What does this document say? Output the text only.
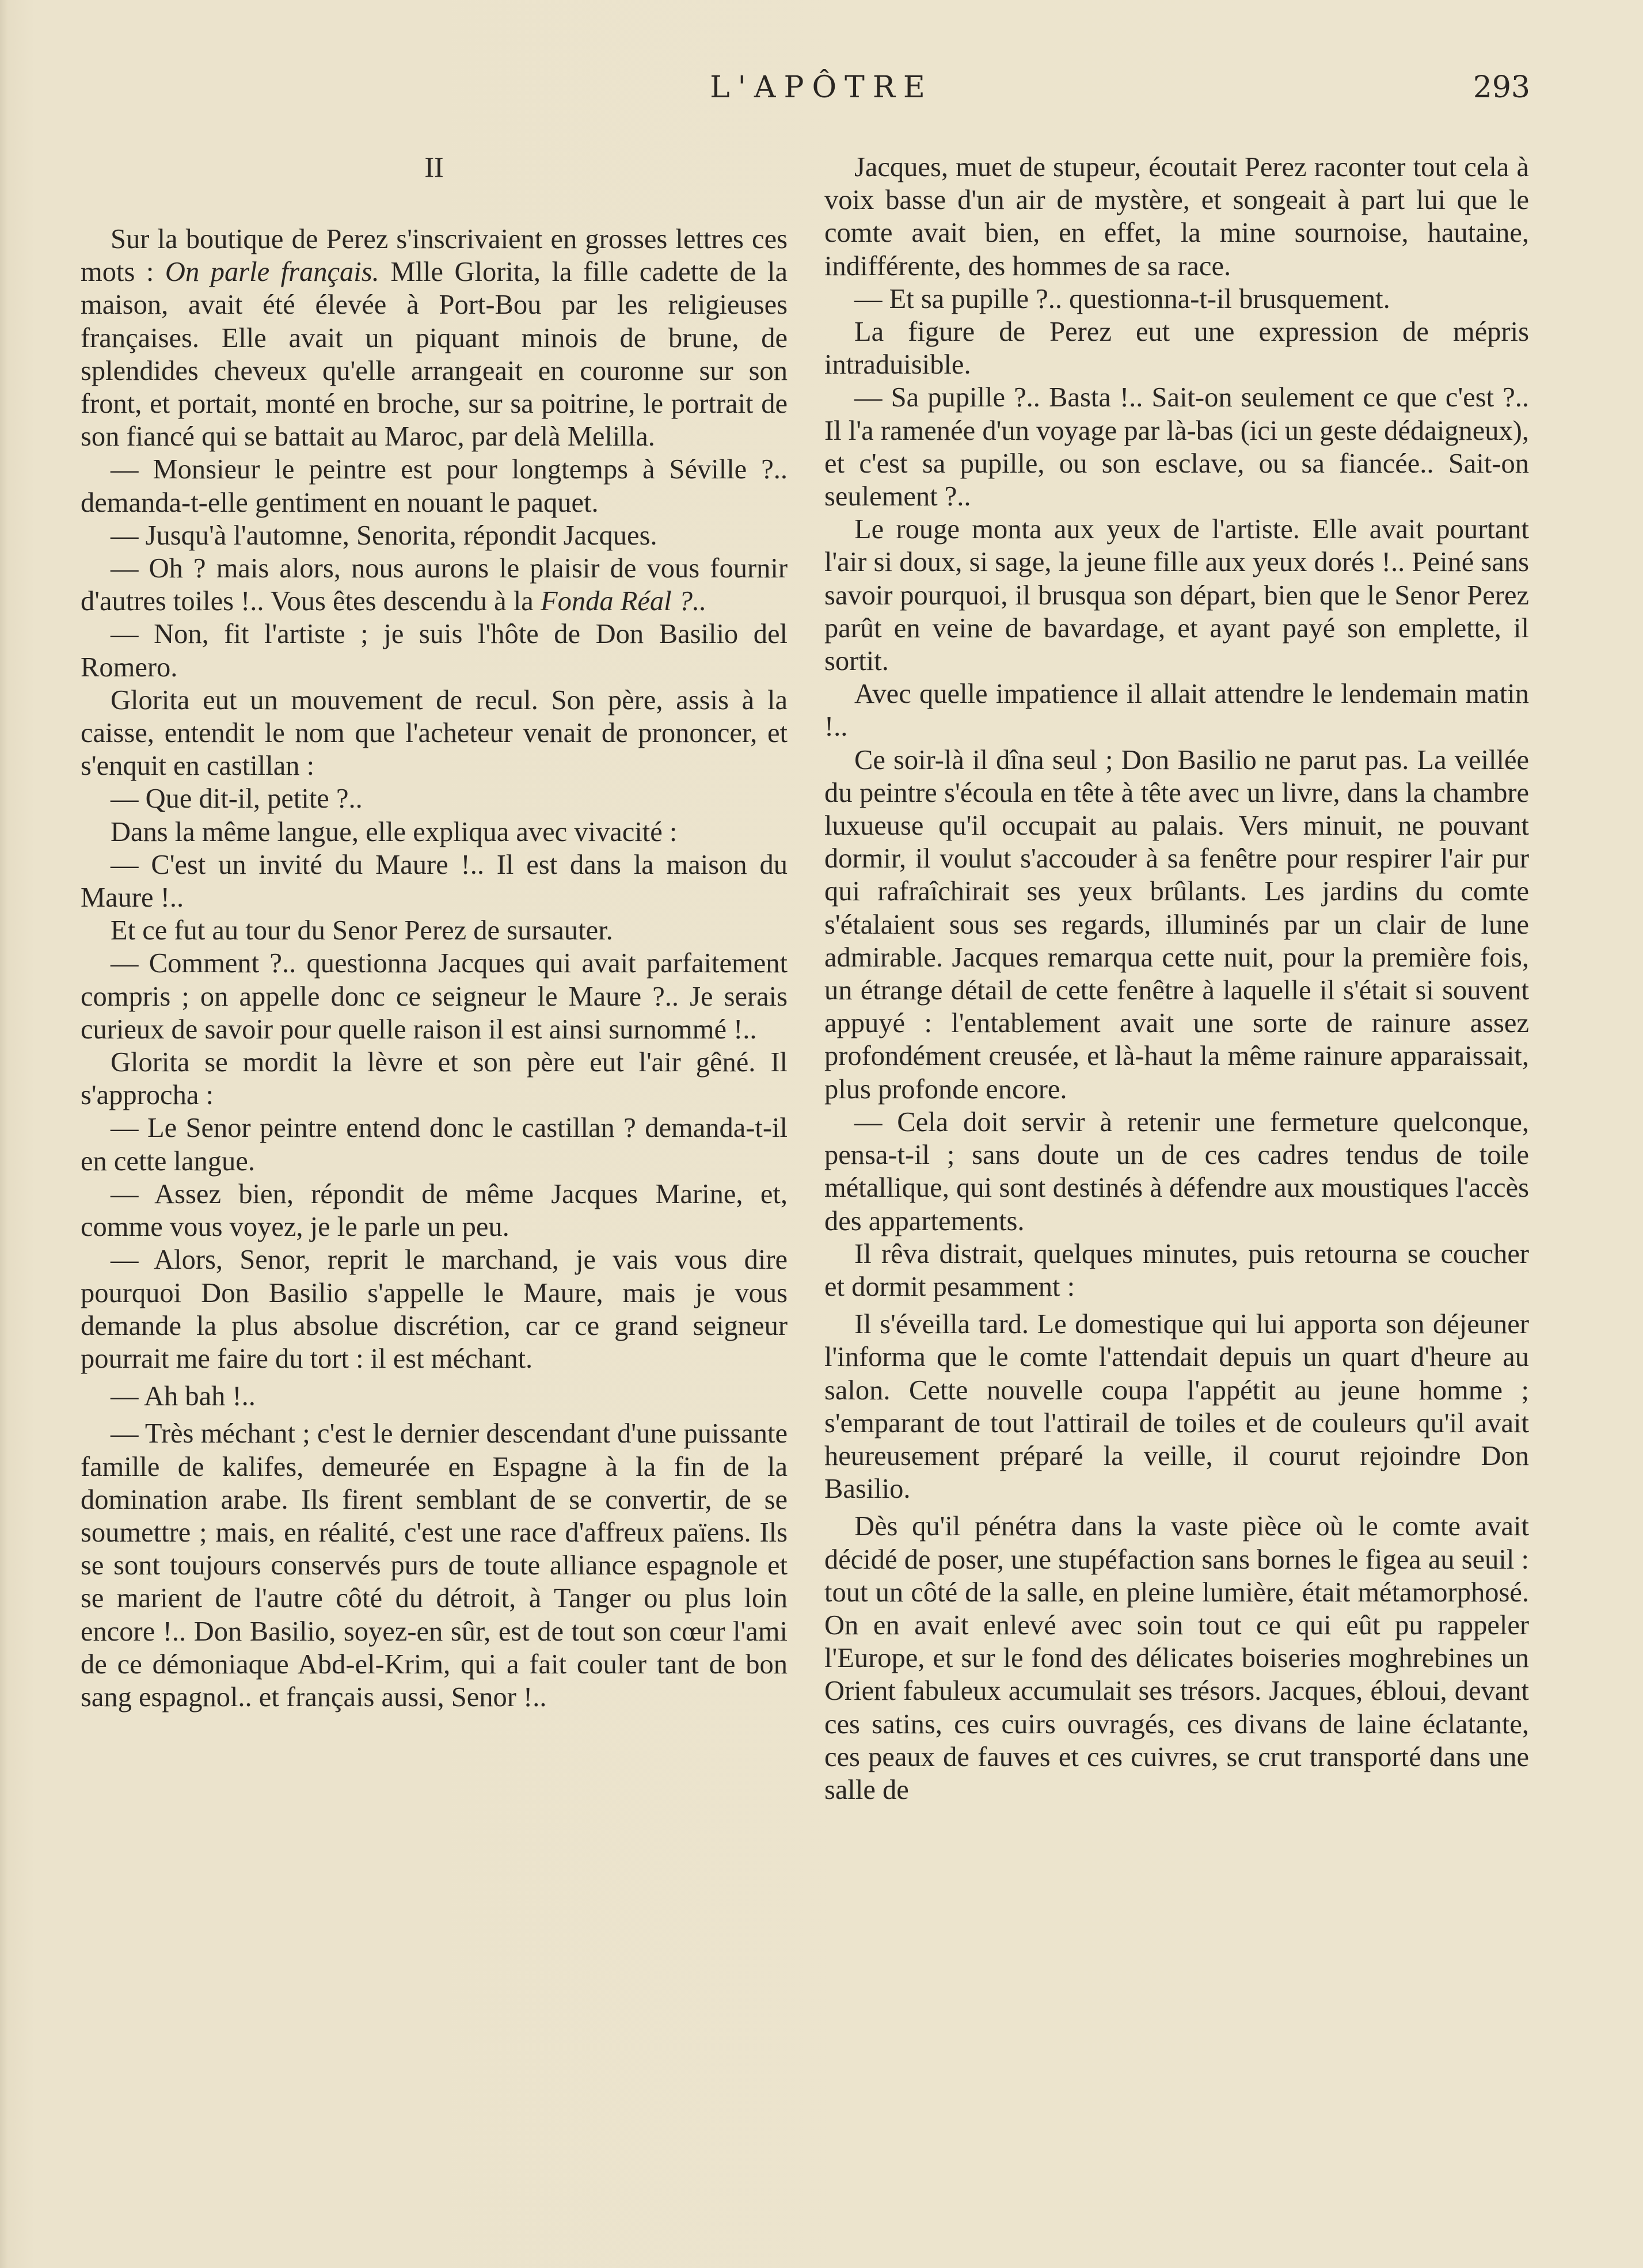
L'APÔTRE	293
II

Sur la boutique de Perez s'inscrivaient en grosses lettres ces mots : On parle français. Mlle Glorita, la fille cadette de la maison, avait été élevée à Port-Bou par les religieuses françaises. Elle avait un piquant minois de brune, de splendides cheveux qu'elle arrangeait en couronne sur son front, et portait, monté en broche, sur sa poitrine, le portrait de son fiancé qui se battait au Maroc, par delà Melilla.

— Monsieur le peintre est pour longtemps à Séville ?.. demanda-t-elle gentiment en nouant le paquet.

— Jusqu'à l'automne, Senorita, répondit Jacques.

— Oh ? mais alors, nous aurons le plaisir de vous fournir d'autres toiles !.. Vous êtes descendu à la Fonda Réal ?..

— Non, fit l'artiste ; je suis l'hôte de Don Basilio del Romero.

Glorita eut un mouvement de recul. Son père, assis à la caisse, entendit le nom que l'acheteur venait de prononcer, et s'enquit en castillan :

— Que dit-il, petite ?..

Dans la même langue, elle expliqua avec vivacité :

— C'est un invité du Maure !.. Il est dans la maison du Maure !..

Et ce fut au tour du Senor Perez de sursauter.

— Comment ?.. questionna Jacques qui avait parfaitement compris ; on appelle donc ce seigneur le Maure ?.. Je serais curieux de savoir pour quelle raison il est ainsi surnommé !..

Glorita se mordit la lèvre et son père eut l'air gêné. Il s'approcha :

— Le Senor peintre entend donc le castillan ? demanda-t-il en cette langue.

— Assez bien, répondit de même Jacques Marine, et, comme vous voyez, je le parle un peu.

— Alors, Senor, reprit le marchand, je vais vous dire pourquoi Don Basilio s'appelle le Maure, mais je vous demande la plus absolue discrétion, car ce grand seigneur pourrait me faire du tort : il est méchant.

— Ah bah !..

— Très méchant ; c'est le dernier descendant d'une puissante famille de kalifes, demeurée en Espagne à la fin de la domination arabe. Ils firent semblant de se convertir, de se soumettre ; mais, en réalité, c'est une race d'affreux païens. Ils se sont toujours conservés purs de toute alliance espagnole et se marient de l'autre côté du détroit, à Tanger ou plus loin encore !.. Don Basilio, soyez-en sûr, est de tout son cœur l'ami de ce démoniaque Abd-el-Krim, qui a fait couler tant de bon sang espagnol.. et français aussi, Senor !..

Jacques, muet de stupeur, écoutait Perez raconter tout cela à voix basse d'un air de mystère, et songeait à part lui que le comte avait bien, en effet, la mine sournoise, hautaine, indifférente, des hommes de sa race.

— Et sa pupille ?.. questionna-t-il brusquement.

La figure de Perez eut une expression de mépris intraduisible.

— Sa pupille ?.. Basta !.. Sait-on seulement ce que c'est ?.. Il l'a ramenée d'un voyage par là-bas (ici un geste dédaigneux), et c'est sa pupille, ou son esclave, ou sa fiancée.. Sait-on seulement ?..

Le rouge monta aux yeux de l'artiste. Elle avait pourtant l'air si doux, si sage, la jeune fille aux yeux dorés !.. Peiné sans savoir pourquoi, il brusqua son départ, bien que le Senor Perez parût en veine de bavardage, et ayant payé son emplette, il sortit.

Avec quelle impatience il allait attendre le lendemain matin !..

Ce soir-là il dîna seul ; Don Basilio ne parut pas. La veillée du peintre s'écoula en tête à tête avec un livre, dans la chambre luxueuse qu'il occupait au palais. Vers minuit, ne pouvant dormir, il voulut s'accouder à sa fenêtre pour respirer l'air pur qui rafraîchirait ses yeux brûlants. Les jardins du comte s'étalaient sous ses regards, illuminés par un clair de lune admirable. Jacques remarqua cette nuit, pour la première fois, un étrange détail de cette fenêtre à laquelle il s'était si souvent appuyé : l'entablement avait une sorte de rainure assez profondément creusée, et là-haut la même rainure apparaissait, plus profonde encore.

— Cela doit servir à retenir une fermeture quelconque, pensa-t-il ; sans doute un de ces cadres tendus de toile métallique, qui sont destinés à défendre aux moustiques l'accès des appartements.

Il rêva distrait, quelques minutes, puis retourna se coucher et dormit pesamment :

Il s'éveilla tard. Le domestique qui lui apporta son déjeuner l'informa que le comte l'attendait depuis un quart d'heure au salon. Cette nouvelle coupa l'appétit au jeune homme ; s'emparant de tout l'attirail de toiles et de couleurs qu'il avait heureusement préparé la veille, il courut rejoindre Don Basilio.

Dès qu'il pénétra dans la vaste pièce où le comte avait décidé de poser, une stupéfaction sans bornes le figea au seuil : tout un côté de la salle, en pleine lumière, était métamorphosé. On en avait enlevé avec soin tout ce qui eût pu rappeler l'Europe, et sur le fond des délicates boiseries moghrebines un Orient fabuleux accumulait ses trésors. Jacques, ébloui, devant ces satins, ces cuirs ouvragés, ces divans de laine éclatante, ces peaux de fauves et ces cuivres, se crut transporté dans une salle de
